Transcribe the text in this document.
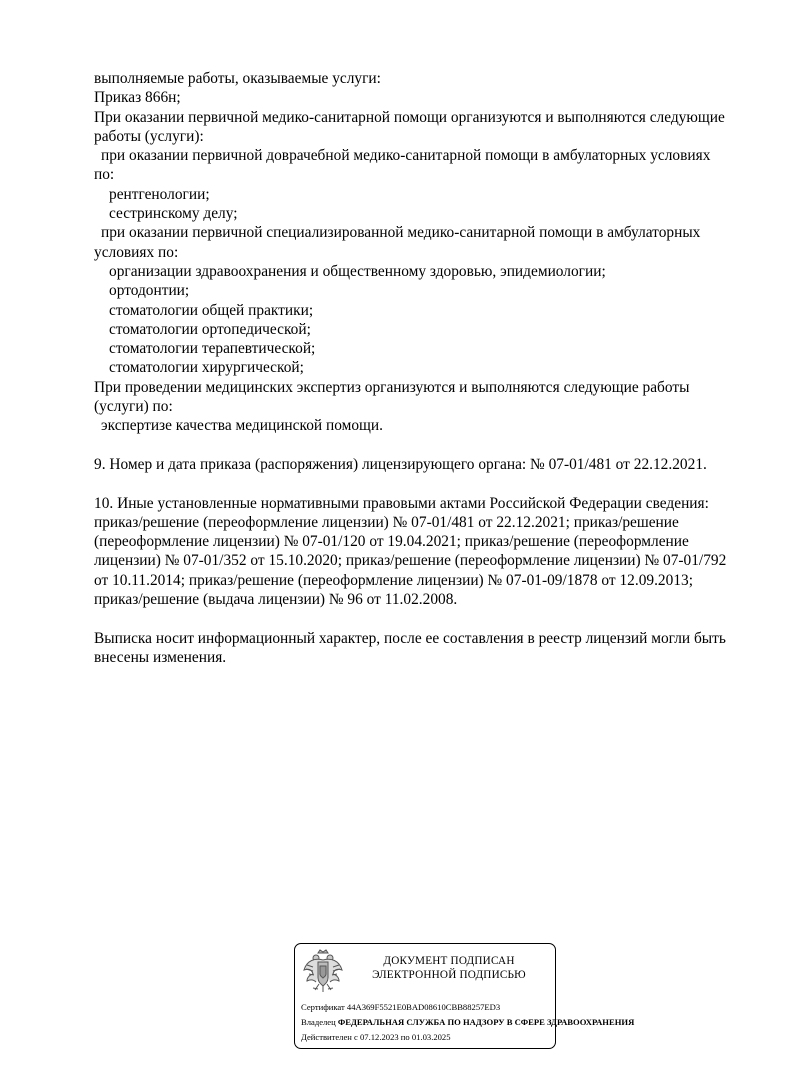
выполняемые работы, оказываемые услуги:
Приказ 866н;
При оказании первичной медико-санитарной помощи организуются и выполняются следующие
работы (услуги):
при оказании первичной доврачебной медико-санитарной помощи в амбулаторных условиях
по:
рентгенологии;
сестринскому делу;
при оказании первичной специализированной медико-санитарной помощи в амбулаторных
условиях по:
организации здравоохранения и общественному здоровью, эпидемиологии;
ортодонтии;
стоматологии общей практики;
стоматологии ортопедической;
стоматологии терапевтической;
стоматологии хирургической;
При проведении медицинских экспертиз организуются и выполняются следующие работы
(услуги) по:
экспертизе качества медицинской помощи.
9. Номер и дата приказа (распоряжения) лицензирующего органа: № 07-01/481 от 22.12.2021.
10. Иные установленные нормативными правовыми актами Российской Федерации сведения:
приказ/решение (переоформление лицензии) № 07-01/481 от 22.12.2021; приказ/решение
(переоформление лицензии) № 07-01/120 от 19.04.2021; приказ/решение (переоформление
лицензии) № 07-01/352 от 15.10.2020; приказ/решение (переоформление лицензии) № 07-01/792
от 10.11.2014; приказ/решение (переоформление лицензии) № 07-01-09/1878 от 12.09.2013;
приказ/решение (выдача лицензии) № 96 от 11.02.2008.
Выписка носит информационный характер, после ее составления в реестр лицензий могли быть
внесены изменения.
ДОКУМЕНТ ПОДПИСАН
ЭЛЕКТРОННОЙ ПОДПИСЬЮ
Сертификат 44A369F5521E0BAD08610CBB88257ED3
Владелец ФЕДЕРАЛЬНАЯ СЛУЖБА ПО НАДЗОРУ В СФЕРЕ ЗДРАВООХРАНЕНИЯ
Действителен с 07.12.2023 по 01.03.2025
